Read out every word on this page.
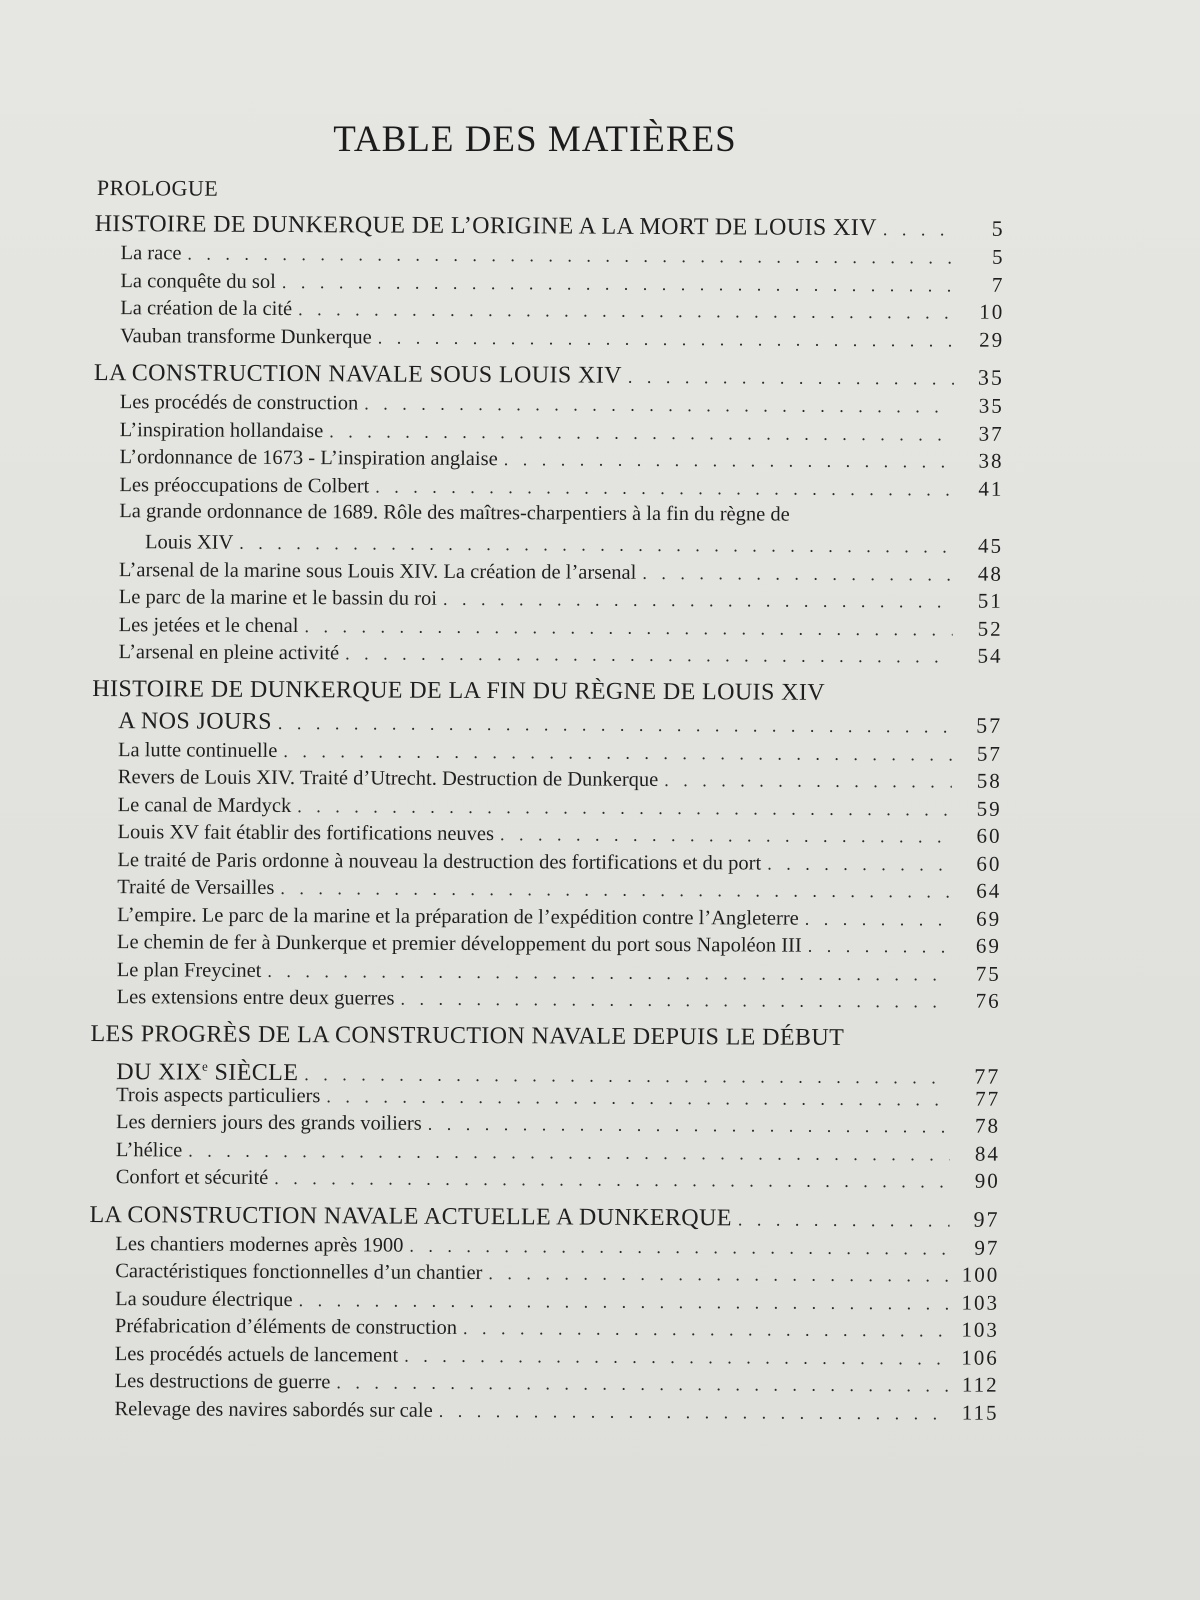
TABLE DES MATIÈRES
PROLOGUE
HISTOIRE DE DUNKERQUE DE L’ORIGINE A LA MORT DE LOUIS XIV . . .	5
La race . . .	5
La conquête du sol . . .	7
La création de la cité . . .	10
Vauban transforme Dunkerque . . .	29
LA CONSTRUCTION NAVALE SOUS LOUIS XIV . . .	35
Les procédés de construction . . .	35
L’inspiration hollandaise . . .	37
L’ordonnance de 1673 - L’inspiration anglaise . . .	38
Les préoccupations de Colbert . . .	41
La grande ordonnance de 1689. Rôle des maîtres-charpentiers à la fin du règne de
Louis XIV . . .	45
L’arsenal de la marine sous Louis XIV. La création de l’arsenal . . .	48
Le parc de la marine et le bassin du roi . . .	51
Les jetées et le chenal . . .	52
L’arsenal en pleine activité . . .	54
HISTOIRE DE DUNKERQUE DE LA FIN DU RÈGNE DE LOUIS XIV
A NOS JOURS . . .	57
La lutte continuelle . . .	57
Revers de Louis XIV. Traité d’Utrecht. Destruction de Dunkerque . . .	58
Le canal de Mardyck . . .	59
Louis XV fait établir des fortifications neuves . . .	60
Le traité de Paris ordonne à nouveau la destruction des fortifications et du port . . .	60
Traité de Versailles . . .	64
L’empire. Le parc de la marine et la préparation de l’expédition contre l’Angleterre . . .	69
Le chemin de fer à Dunkerque et premier développement du port sous Napoléon III . . .	69
Le plan Freycinet . . .	75
Les extensions entre deux guerres . . .	76
LES PROGRÈS DE LA CONSTRUCTION NAVALE DEPUIS LE DÉBUT
DU XIXe SIÈCLE . . .	77
Trois aspects particuliers . . .	77
Les derniers jours des grands voiliers . . .	78
L’hélice . . .	84
Confort et sécurité . . .	90
LA CONSTRUCTION NAVALE ACTUELLE A DUNKERQUE . . .	97
Les chantiers modernes après 1900 . . .	97
Caractéristiques fonctionnelles d’un chantier . . .	100
La soudure électrique . . .	103
Préfabrication d’éléments de construction . . .	103
Les procédés actuels de lancement . . .	106
Les destructions de guerre . . .	112
Relevage des navires sabordés sur cale . . .	115
